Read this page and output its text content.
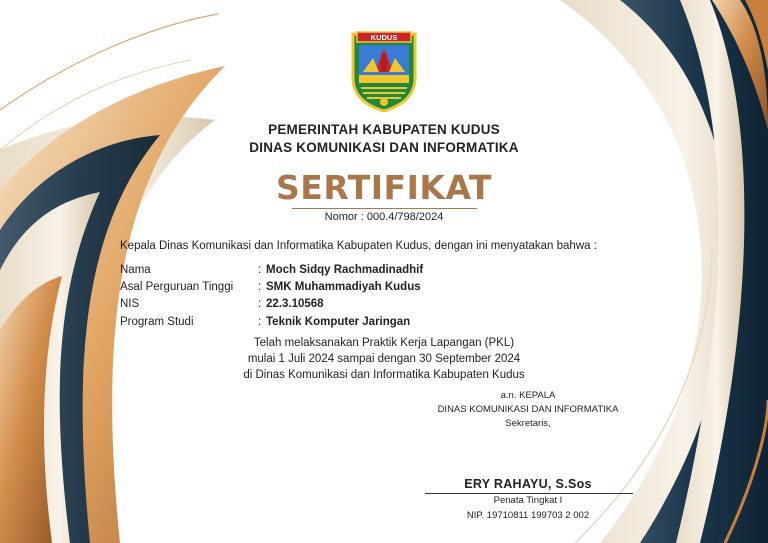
KUDUS
PEMERINTAH KABUPATEN KUDUS
DINAS KOMUNIKASI DAN INFORMATIKA
SERTIFIKAT
Nomor : 000.4/798/2024
Kepala Dinas Komunikasi dan Informatika Kabupaten Kudus, dengan ini menyatakan bahwa :
Nama	: Moch Sidqy Rachmadinadhif
Asal Perguruan Tinggi : SMK Muhammadiyah Kudus
NIS	: 22.3.10568
Program Studi	: Teknik Komputer Jaringan
Telah melaksanakan Praktik Kerja Lapangan (PKL)
mulai 1 Juli 2024 sampai dengan 30 September 2024
di Dinas Komunikasi dan Informatika Kabupaten Kudus
a.n. KEPALA
DINAS KOMUNIKASI DAN INFORMATIKA
Sekretaris,
ERY RAHAYU, S.Sos
Penata Tingkat I
NIP. 19710811 199703 2 002
